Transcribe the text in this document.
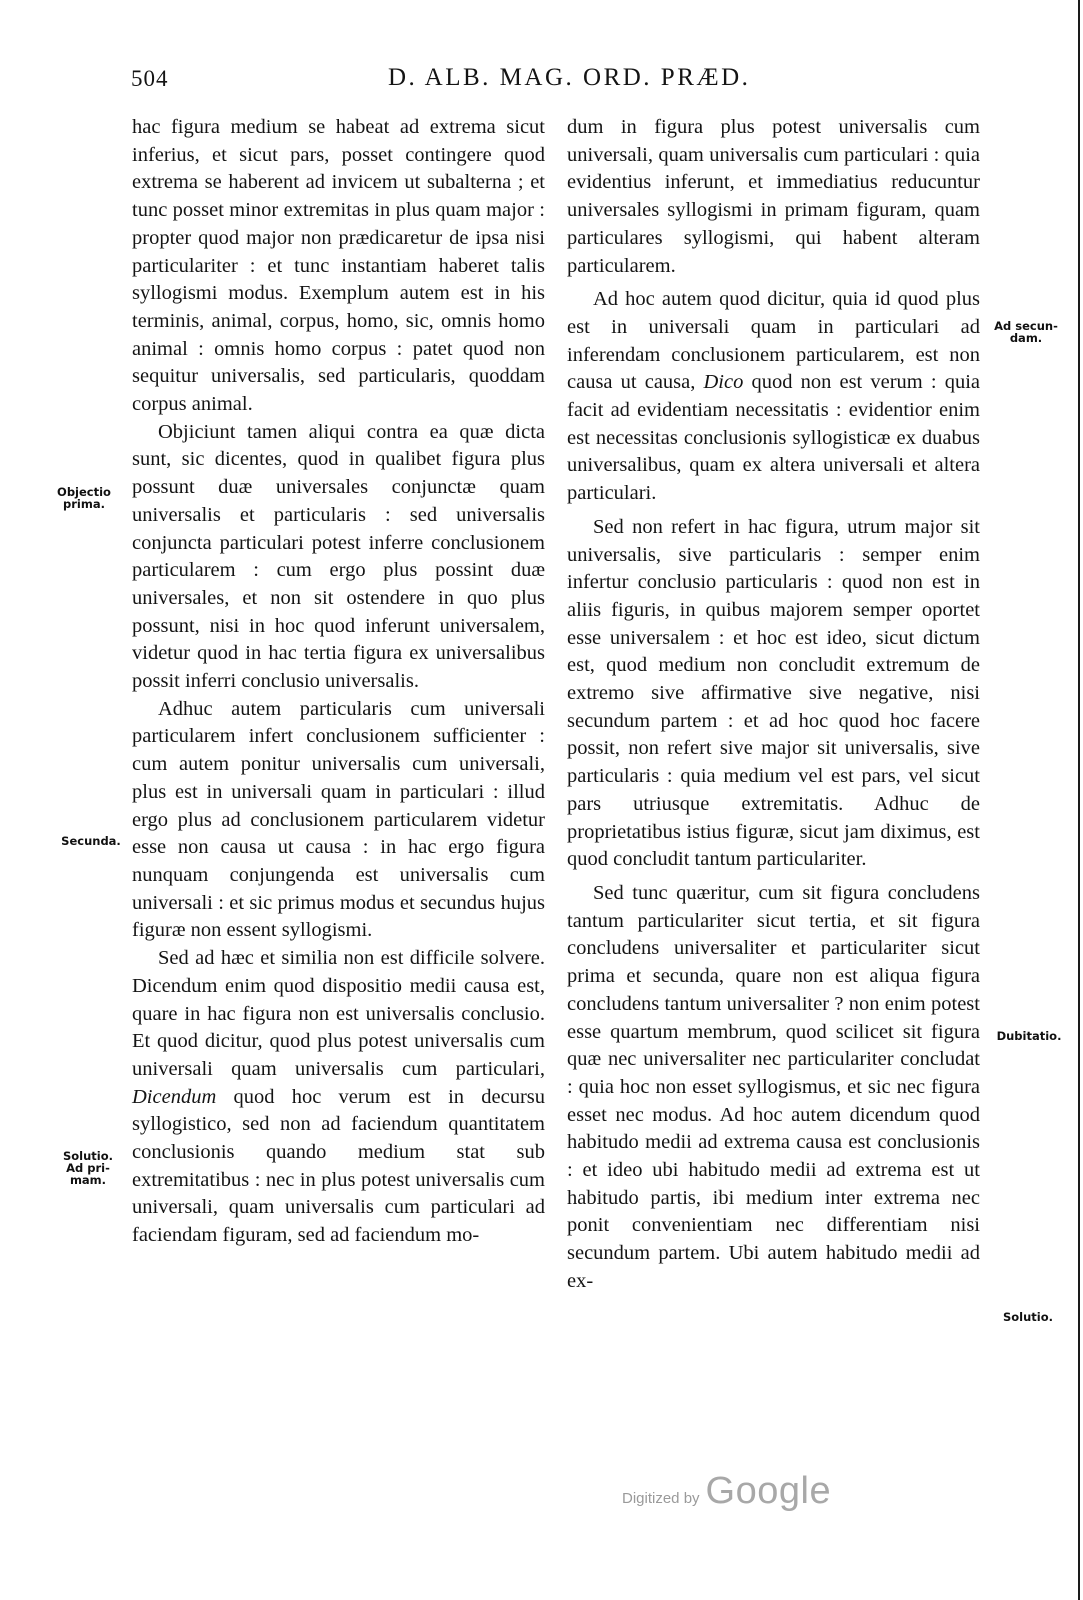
504	D. ALB. MAG. ORD. PRÆD.

hac figura medium se habeat ad extrema sicut inferius, et sicut pars, posset contingere quod extrema se haberent ad invicem ut subalterna ; et tunc posset minor extremitas in plus quam major : propter quod major non prædicaretur de ipsa nisi particulariter : et tunc instantiam haberet talis syllogismi modus. Exemplum autem est in his terminis, animal, corpus, homo, sic, omnis homo animal : omnis homo corpus : patet quod non sequitur universalis, sed particularis, quoddam corpus animal.

Objiciunt tamen aliqui contra ea quæ dicta sunt, sic dicentes, quod in qualibet figura plus possunt duæ universales conjunctæ quam universalis et particularis : sed universalis conjuncta particulari potest inferre conclusionem particularem : cum ergo plus possint duæ universales, et non sit ostendere in quo plus possunt, nisi in hoc quod inferunt universalem, videtur quod in hac tertia figura ex universalibus possit inferri conclusio universalis.

Adhuc autem particularis cum universali particularem infert conclusionem sufficienter : cum autem ponitur universalis cum universali, plus est in universali quam in particulari : illud ergo plus ad conclusionem particularem videtur esse non causa ut causa : in hac ergo figura nunquam conjungenda est universalis cum universali : et sic primus modus et secundus hujus figuræ non essent syllogismi.

Sed ad hæc et similia non est difficile solvere. Dicendum enim quod dispositio medii causa est, quare in hac figura non est universalis conclusio. Et quod dicitur, quod plus potest universalis cum universali quam universalis cum particulari, Dicendum quod hoc verum est in decursu syllogistico, sed non ad faciendum quantitatem conclusionis quando medium stat sub extremitatibus : nec in plus potest universalis cum universali, quam universalis cum particulari ad faciendam figuram, sed ad faciendum mo-

dum in figura plus potest universalis cum universali, quam universalis cum particulari : quia evidentius inferunt, et immediatius reducuntur universales syllogismi in primam figuram, quam particulares syllogismi, qui habent alteram particularem.

Ad hoc autem quod dicitur, quia id quod plus est in universali quam in particulari ad inferendam conclusionem particularem, est non causa ut causa, Dico quod non est verum : quia facit ad evidentiam necessitatis : evidentior enim est necessitas conclusionis syllogisticæ ex duabus universalibus, quam ex altera universali et altera particulari.

Sed non refert in hac figura, utrum major sit universalis, sive particularis : semper enim infertur conclusio particularis : quod non est in aliis figuris, in quibus majorem semper oportet esse universalem : et hoc est ideo, sicut dictum est, quod medium non concludit extremum de extremo sive affirmative sive negative, nisi secundum partem : et ad hoc quod hoc facere possit, non refert sive major sit universalis, sive particularis : quia medium vel est pars, vel sicut pars utriusque extremitatis. Adhuc de proprietatibus istius figuræ, sicut jam diximus, est quod concludit tantum particulariter.

Sed tunc quæritur, cum sit figura concludens tantum particulariter sicut tertia, et sit figura concludens universaliter et particulariter sicut prima et secunda, quare non est aliqua figura concludens tantum universaliter ? non enim potest esse quartum membrum, quod scilicet sit figura quæ nec universaliter nec particulariter concludat : quia hoc non esset syllogismus, et sic nec figura esset nec modus. Ad hoc autem dicendum quod habitudo medii ad extrema causa est conclusionis : et ideo ubi habitudo medii ad extrema est ut habitudo partis, ibi medium inter extrema nec ponit convenientiam nec differentiam nisi secundum partem. Ubi autem habitudo medii ad ex-

Objectio
prima.
Secunda.
Solutio.
Ad pri-
mam.
Ad secun-
dam.
Dubitatio.
Solutio.
Digitized by Google
